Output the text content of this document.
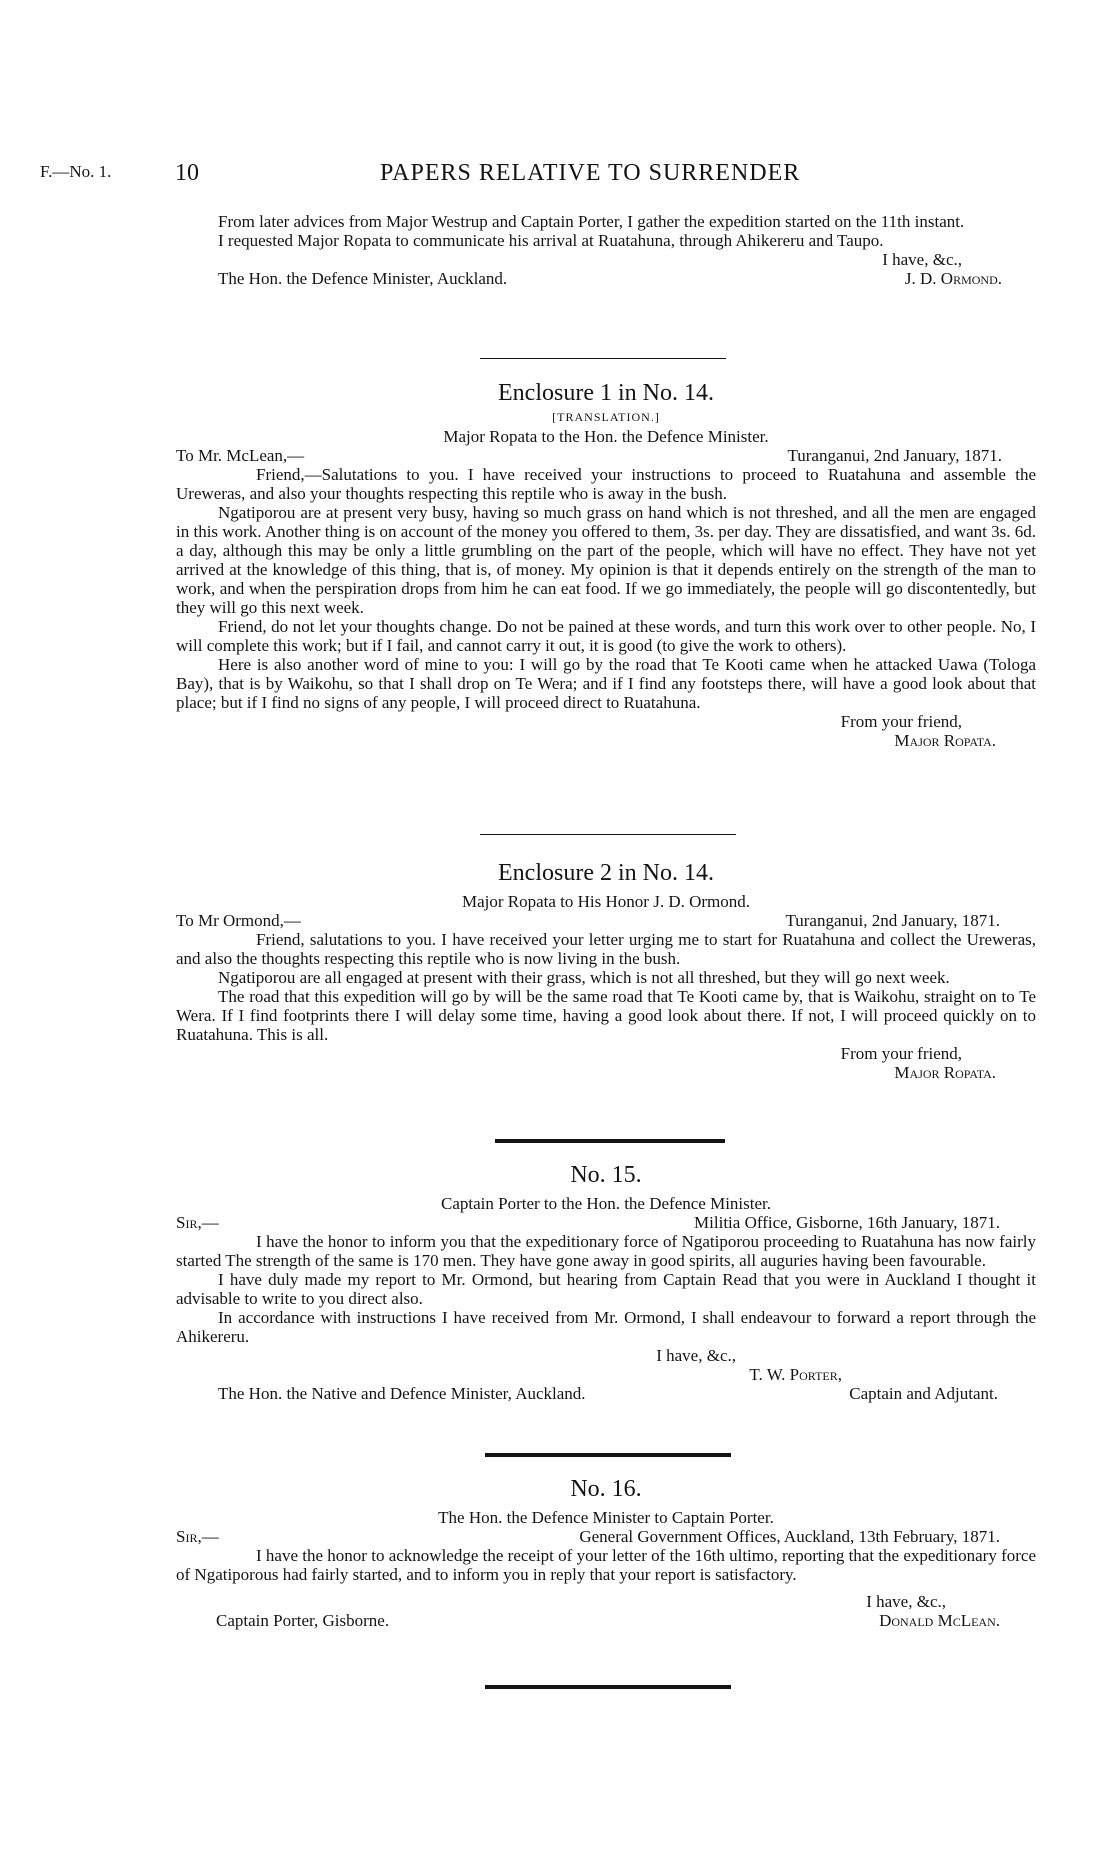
F.—No. 1.	10	PAPERS RELATIVE TO SURRENDER

From later advices from Major Westrup and Captain Porter, I gather the expedition started on the 11th instant.

I requested Major Ropata to communicate his arrival at Ruatahuna, through Ahikereru and Taupo.

I have, &c.,

The Hon. the Defence Minister, Auckland.	J. D. Ormond.

Enclosure 1 in No. 14.

[TRANSLATION.]

Major Ropata to the Hon. the Defence Minister.

To Mr. McLean,—	Turanganui, 2nd January, 1871.

Friend,—Salutations to you. I have received your instructions to proceed to Ruatahuna and assemble the Ureweras, and also your thoughts respecting this reptile who is away in the bush.

Ngatiporou are at present very busy, having so much grass on hand which is not threshed, and all the men are engaged in this work. Another thing is on account of the money you offered to them, 3s. per day. They are dissatisfied, and want 3s. 6d. a day, although this may be only a little grumbling on the part of the people, which will have no effect. They have not yet arrived at the knowledge of this thing, that is, of money. My opinion is that it depends entirely on the strength of the man to work, and when the perspiration drops from him he can eat food. If we go immediately, the people will go discontentedly, but they will go this next week.

Friend, do not let your thoughts change. Do not be pained at these words, and turn this work over to other people. No, I will complete this work; but if I fail, and cannot carry it out, it is good (to give the work to others).

Here is also another word of mine to you: I will go by the road that Te Kooti came when he attacked Uawa (Tologa Bay), that is by Waikohu, so that I shall drop on Te Wera; and if I find any footsteps there, will have a good look about that place; but if I find no signs of any people, I will proceed direct to Ruatahuna.

From your friend,

Major Ropata.

Enclosure 2 in No. 14.

Major Ropata to His Honor J. D. Ormond.

To Mr Ormond,—	Turanganui, 2nd January, 1871.

Friend, salutations to you. I have received your letter urging me to start for Ruatahuna and collect the Ureweras, and also the thoughts respecting this reptile who is now living in the bush.

Ngatiporou are all engaged at present with their grass, which is not all threshed, but they will go next week.

The road that this expedition will go by will be the same road that Te Kooti came by, that is Waikohu, straight on to Te Wera. If I find footprints there I will delay some time, having a good look about there. If not, I will proceed quickly on to Ruatahuna. This is all.

From your friend,

Major Ropata.

No. 15.

Captain Porter to the Hon. the Defence Minister.

Sir,—	Militia Office, Gisborne, 16th January, 1871.

I have the honor to inform you that the expeditionary force of Ngatiporou proceeding to Ruatahuna has now fairly started The strength of the same is 170 men. They have gone away in good spirits, all auguries having been favourable.

I have duly made my report to Mr. Ormond, but hearing from Captain Read that you were in Auckland I thought it advisable to write to you direct also.

In accordance with instructions I have received from Mr. Ormond, I shall endeavour to forward a report through the Ahikereru.

I have, &c.,

T. W. Porter,

The Hon. the Native and Defence Minister, Auckland.	Captain and Adjutant.

No. 16.

The Hon. the Defence Minister to Captain Porter.

Sir,—	General Government Offices, Auckland, 13th February, 1871.

I have the honor to acknowledge the receipt of your letter of the 16th ultimo, reporting that the expeditionary force of Ngatiporous had fairly started, and to inform you in reply that your report is satisfactory.

I have, &c.,

Captain Porter, Gisborne.	Donald McLean.
